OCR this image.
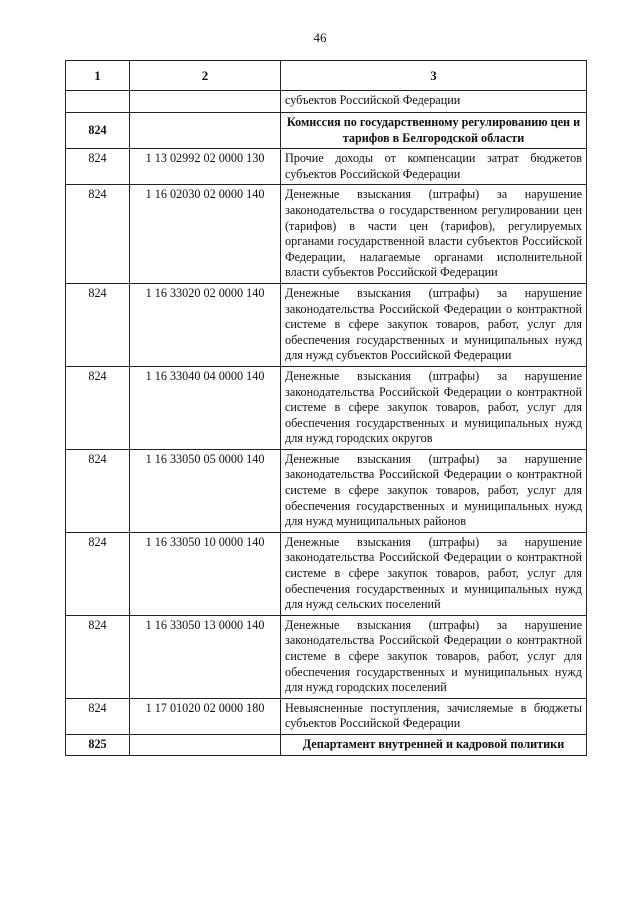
46
1	2	3
		субъектов Российской Федерации
824		Комиссия по государственному регулированию цен и тарифов в Белгородской области
824	1 13 02992 02 0000 130	Прочие доходы от компенсации затрат бюджетов субъектов Российской Федерации
824	1 16 02030 02 0000 140	Денежные взыскания (штрафы) за нарушение законодательства о государственном регулировании цен (тарифов) в части цен (тарифов), регулируемых органами государственной власти субъектов Российской Федерации, налагаемые органами исполнительной власти субъектов Российской Федерации
824	1 16 33020 02 0000 140	Денежные взыскания (штрафы) за нарушение законодательства Российской Федерации о контрактной системе в сфере закупок товаров, работ, услуг для обеспечения государственных и муниципальных нужд для нужд субъектов Российской Федерации
824	1 16 33040 04 0000 140	Денежные взыскания (штрафы) за нарушение законодательства Российской Федерации о контрактной системе в сфере закупок товаров, работ, услуг для обеспечения государственных и муниципальных нужд для нужд городских округов
824	1 16 33050 05 0000 140	Денежные взыскания (штрафы) за нарушение законодательства Российской Федерации о контрактной системе в сфере закупок товаров, работ, услуг для обеспечения государственных и муниципальных нужд для нужд муниципальных районов
824	1 16 33050 10 0000 140	Денежные взыскания (штрафы) за нарушение законодательства Российской Федерации о контрактной системе в сфере закупок товаров, работ, услуг для обеспечения государственных и муниципальных нужд для нужд сельских поселений
824	1 16 33050 13 0000 140	Денежные взыскания (штрафы) за нарушение законодательства Российской Федерации о контрактной системе в сфере закупок товаров, работ, услуг для обеспечения государственных и муниципальных нужд для нужд городских поселений
824	1 17 01020 02 0000 180	Невыясненные поступления, зачисляемые в бюджеты субъектов Российской Федерации
825		Департамент внутренней и кадровой политики
